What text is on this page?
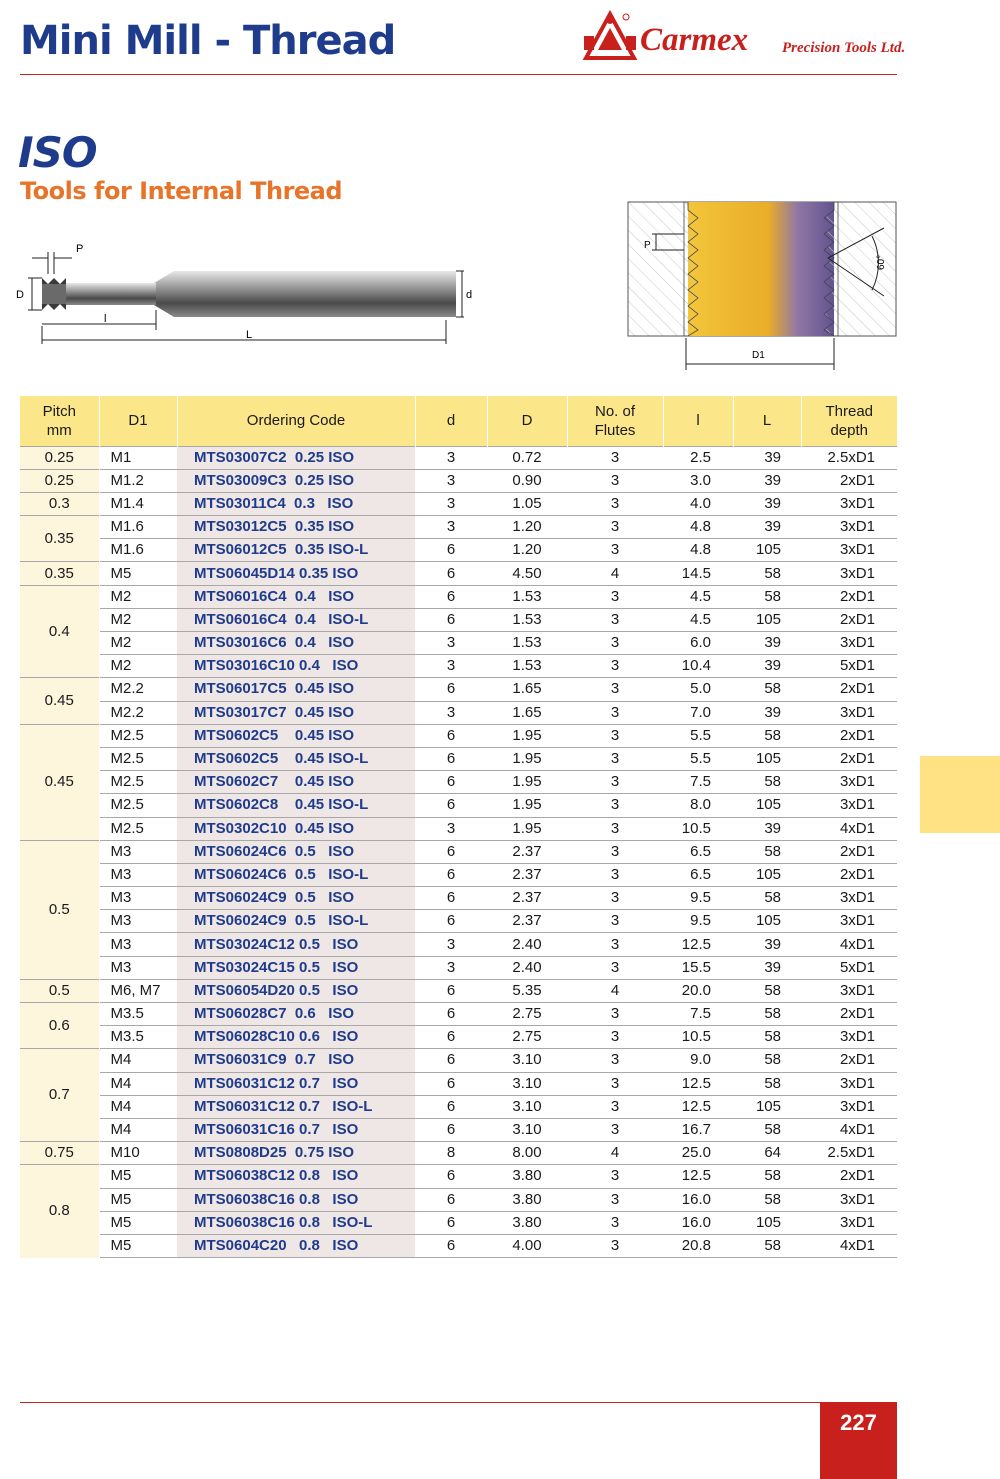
Mini Mill - Thread	Carmex Precision Tools Ltd.
ISO
Tools for Internal Thread
P
D
l
L
d
P
D1
60°
Pitch
mm	D1	Ordering Code	d	D	No. of
Flutes	l	L	Thread
depth
0.25	M1	MTS03007C2  0.25 ISO	3	0.72	3	2.5	39	2.5xD1
0.25	M1.2	MTS03009C3  0.25 ISO	3	0.90	3	3.0	39	2xD1
0.3	M1.4	MTS03011C4  0.3   ISO	3	1.05	3	4.0	39	3xD1
0.35	M1.6	MTS03012C5  0.35 ISO	3	1.20	3	4.8	39	3xD1
	M1.6	MTS06012C5  0.35 ISO-L	6	1.20	3	4.8	105	3xD1
0.35	M5	MTS06045D14 0.35 ISO	6	4.50	4	14.5	58	3xD1
0.4	M2	MTS06016C4  0.4   ISO	6	1.53	3	4.5	58	2xD1
	M2	MTS06016C4  0.4   ISO-L	6	1.53	3	4.5	105	2xD1
	M2	MTS03016C6  0.4   ISO	3	1.53	3	6.0	39	3xD1
	M2	MTS03016C10 0.4   ISO	3	1.53	3	10.4	39	5xD1
0.45	M2.2	MTS06017C5  0.45 ISO	6	1.65	3	5.0	58	2xD1
	M2.2	MTS03017C7  0.45 ISO	3	1.65	3	7.0	39	3xD1
0.45	M2.5	MTS0602C5    0.45 ISO	6	1.95	3	5.5	58	2xD1
	M2.5	MTS0602C5    0.45 ISO-L	6	1.95	3	5.5	105	2xD1
	M2.5	MTS0602C7    0.45 ISO	6	1.95	3	7.5	58	3xD1
	M2.5	MTS0602C8    0.45 ISO-L	6	1.95	3	8.0	105	3xD1
	M2.5	MTS0302C10  0.45 ISO	3	1.95	3	10.5	39	4xD1
0.5	M3	MTS06024C6  0.5   ISO	6	2.37	3	6.5	58	2xD1
	M3	MTS06024C6  0.5   ISO-L	6	2.37	3	6.5	105	2xD1
	M3	MTS06024C9  0.5   ISO	6	2.37	3	9.5	58	3xD1
	M3	MTS06024C9  0.5   ISO-L	6	2.37	3	9.5	105	3xD1
	M3	MTS03024C12 0.5   ISO	3	2.40	3	12.5	39	4xD1
	M3	MTS03024C15 0.5   ISO	3	2.40	3	15.5	39	5xD1
0.5	M6, M7	MTS06054D20 0.5   ISO	6	5.35	4	20.0	58	3xD1
0.6	M3.5	MTS06028C7  0.6   ISO	6	2.75	3	7.5	58	2xD1
	M3.5	MTS06028C10 0.6   ISO	6	2.75	3	10.5	58	3xD1
0.7	M4	MTS06031C9  0.7   ISO	6	3.10	3	9.0	58	2xD1
	M4	MTS06031C12 0.7   ISO	6	3.10	3	12.5	58	3xD1
	M4	MTS06031C12 0.7   ISO-L	6	3.10	3	12.5	105	3xD1
	M4	MTS06031C16 0.7   ISO	6	3.10	3	16.7	58	4xD1
0.75	M10	MTS0808D25  0.75 ISO	8	8.00	4	25.0	64	2.5xD1
0.8	M5	MTS06038C12 0.8   ISO	6	3.80	3	12.5	58	2xD1
	M5	MTS06038C16 0.8   ISO	6	3.80	3	16.0	58	3xD1
	M5	MTS06038C16 0.8   ISO-L	6	3.80	3	16.0	105	3xD1
	M5	MTS0604C20   0.8   ISO	6	4.00	3	20.8	58	4xD1
227
